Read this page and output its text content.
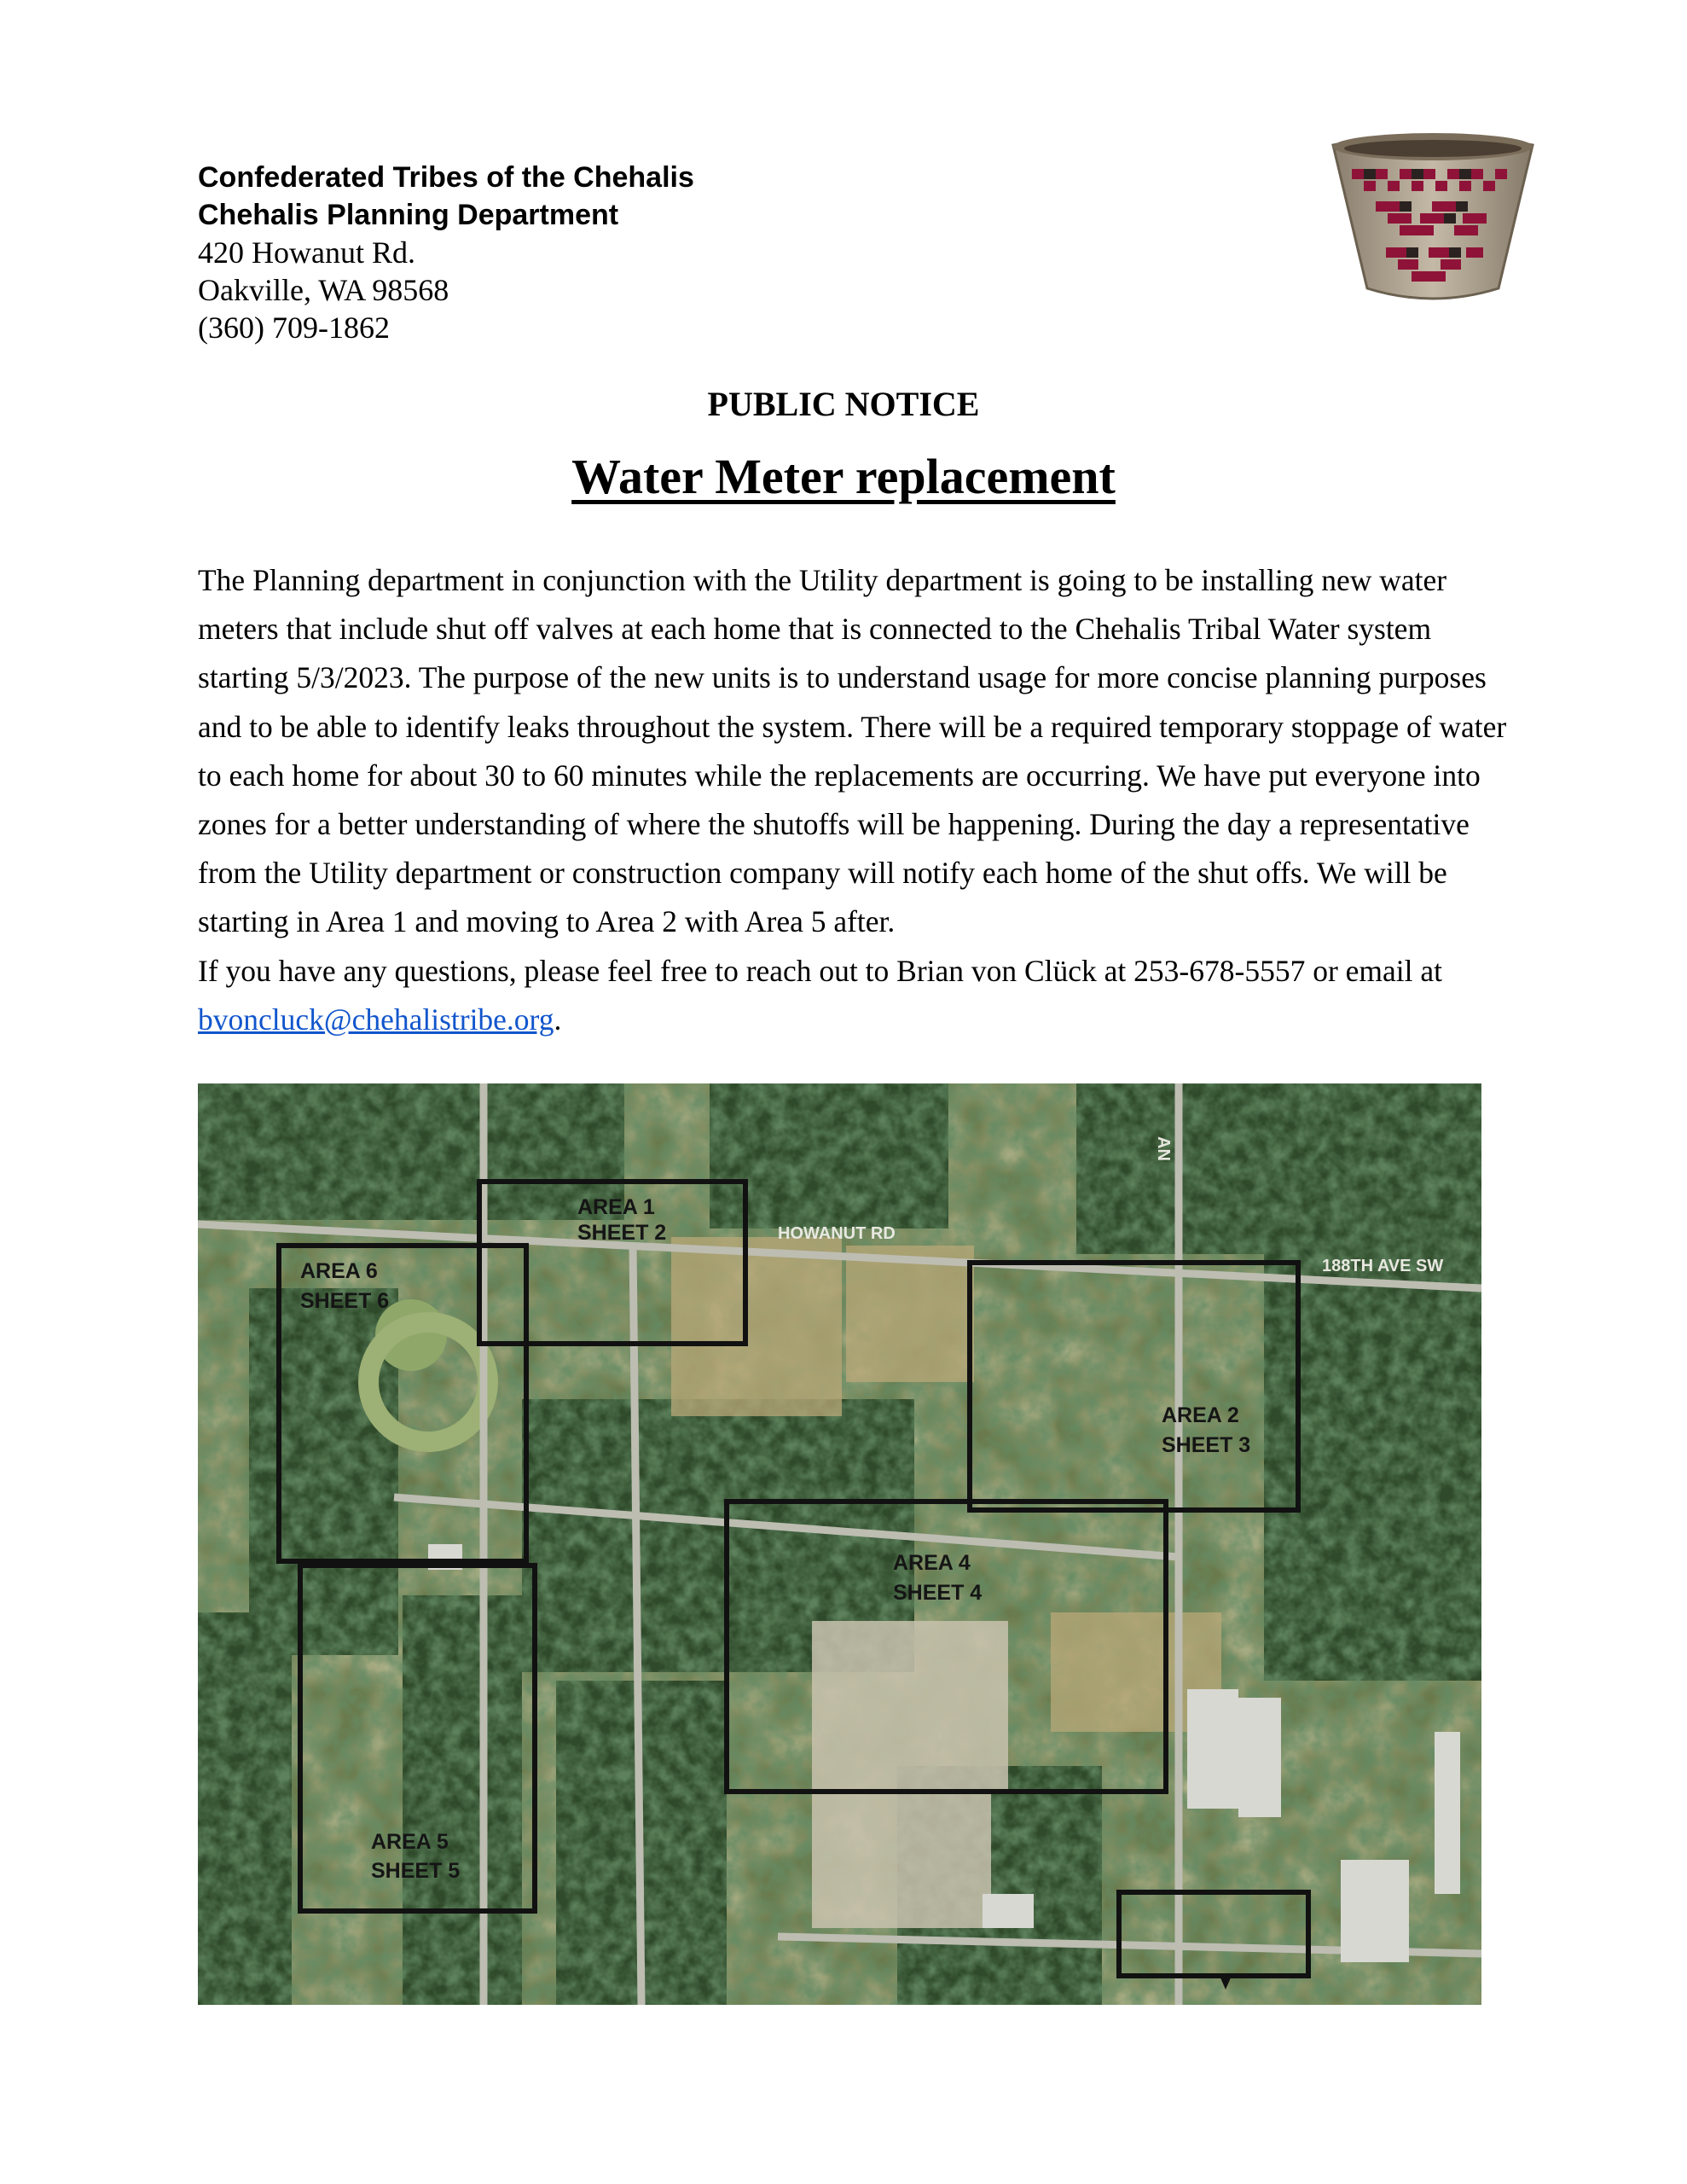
Confederated Tribes of the Chehalis
Chehalis Planning Department
420 Howanut Rd.
Oakville, WA 98568
(360) 709-1862
PUBLIC NOTICE
Water Meter replacement

The Planning department in conjunction with the Utility department is going to be installing new water meters that include shut off valves at each home that is connected to the Chehalis Tribal Water system starting 5/3/2023. The purpose of the new units is to understand usage for more concise planning purposes and to be able to identify leaks throughout the system. There will be a required temporary stoppage of water to each home for about 30 to 60 minutes while the replacements are occurring. We have put everyone into zones for a better understanding of where the shutoffs will be happening. During the day a representative from the Utility department or construction company will notify each home of the shut offs. We will be starting in Area 1 and moving to Area 2 with Area 5 after.

If you have any questions, please feel free to reach out to Brian von Clück at 253-678-5557 or email at bvoncluck@chehalistribe.org.

HOWANUT RD
188TH AVE SW
AN
AREA 1
SHEET 2
AREA 6
SHEET 6
AREA 2
SHEET 3
AREA 4
SHEET 4
AREA 5
SHEET 5
